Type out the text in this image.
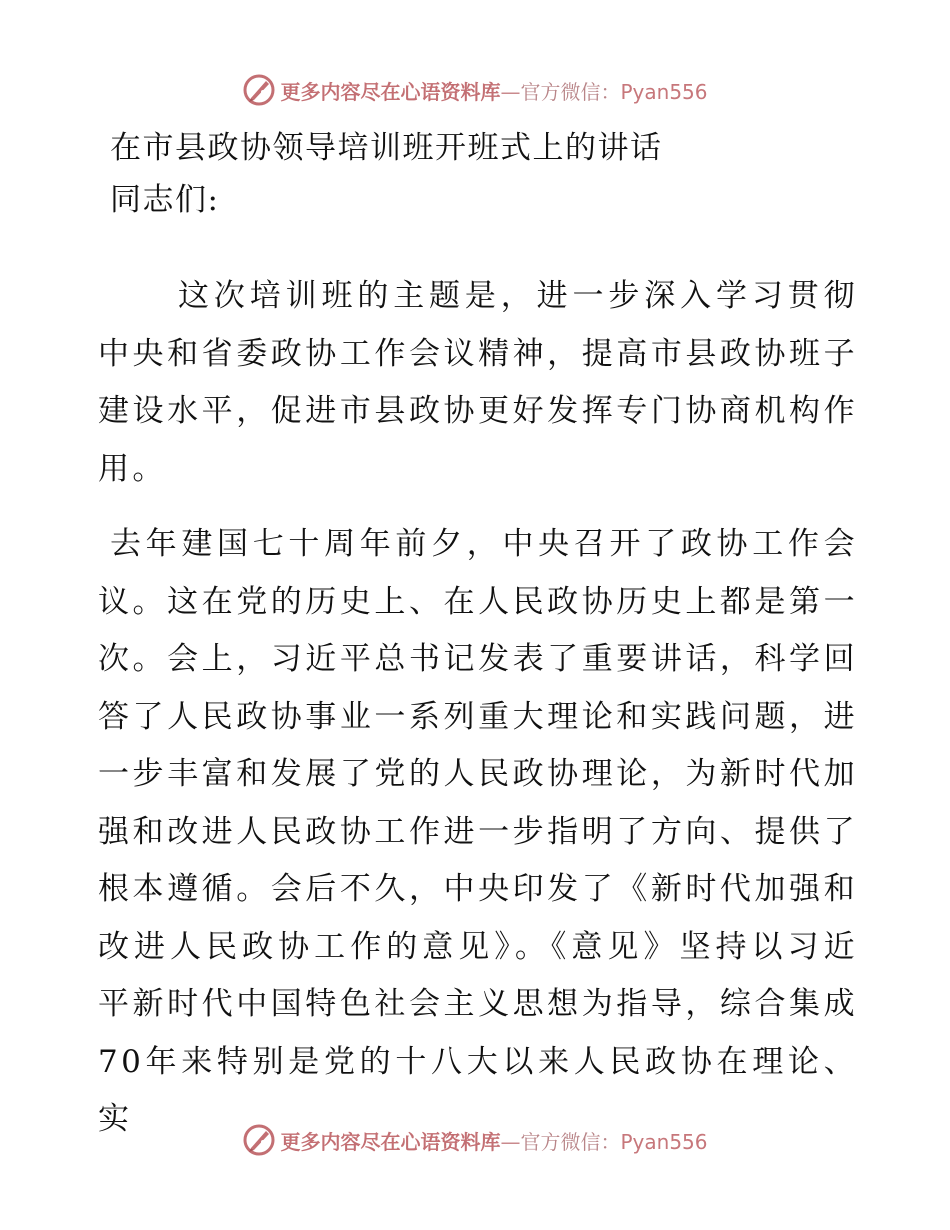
更多内容尽在心语资料库—官方微信：Pyan556
在市县政协领导培训班开班式上的讲话
同志们:
这次培训班的主题是，进一步深入学习贯彻中央和省委政协工作会议精神，提高市县政协班子建设水平，促进市县政协更好发挥专门协商机构作用。
去年建国七十周年前夕，中央召开了政协工作会议。这在党的历史上、在人民政协历史上都是第一次。会上，习近平总书记发表了重要讲话，科学回答了人民政协事业一系列重大理论和实践问题，进一步丰富和发展了党的人民政协理论，为新时代加强和改进人民政协工作进一步指明了方向、提供了根本遵循。会后不久，中央印发了《新时代加强和改进人民政协工作的意见》。《意见》坚持以习近平新时代中国特色社会主义思想为指导，综合集成70年来特别是党的十八大以来人民政协在理论、实
更多内容尽在心语资料库—官方微信：Pyan556
